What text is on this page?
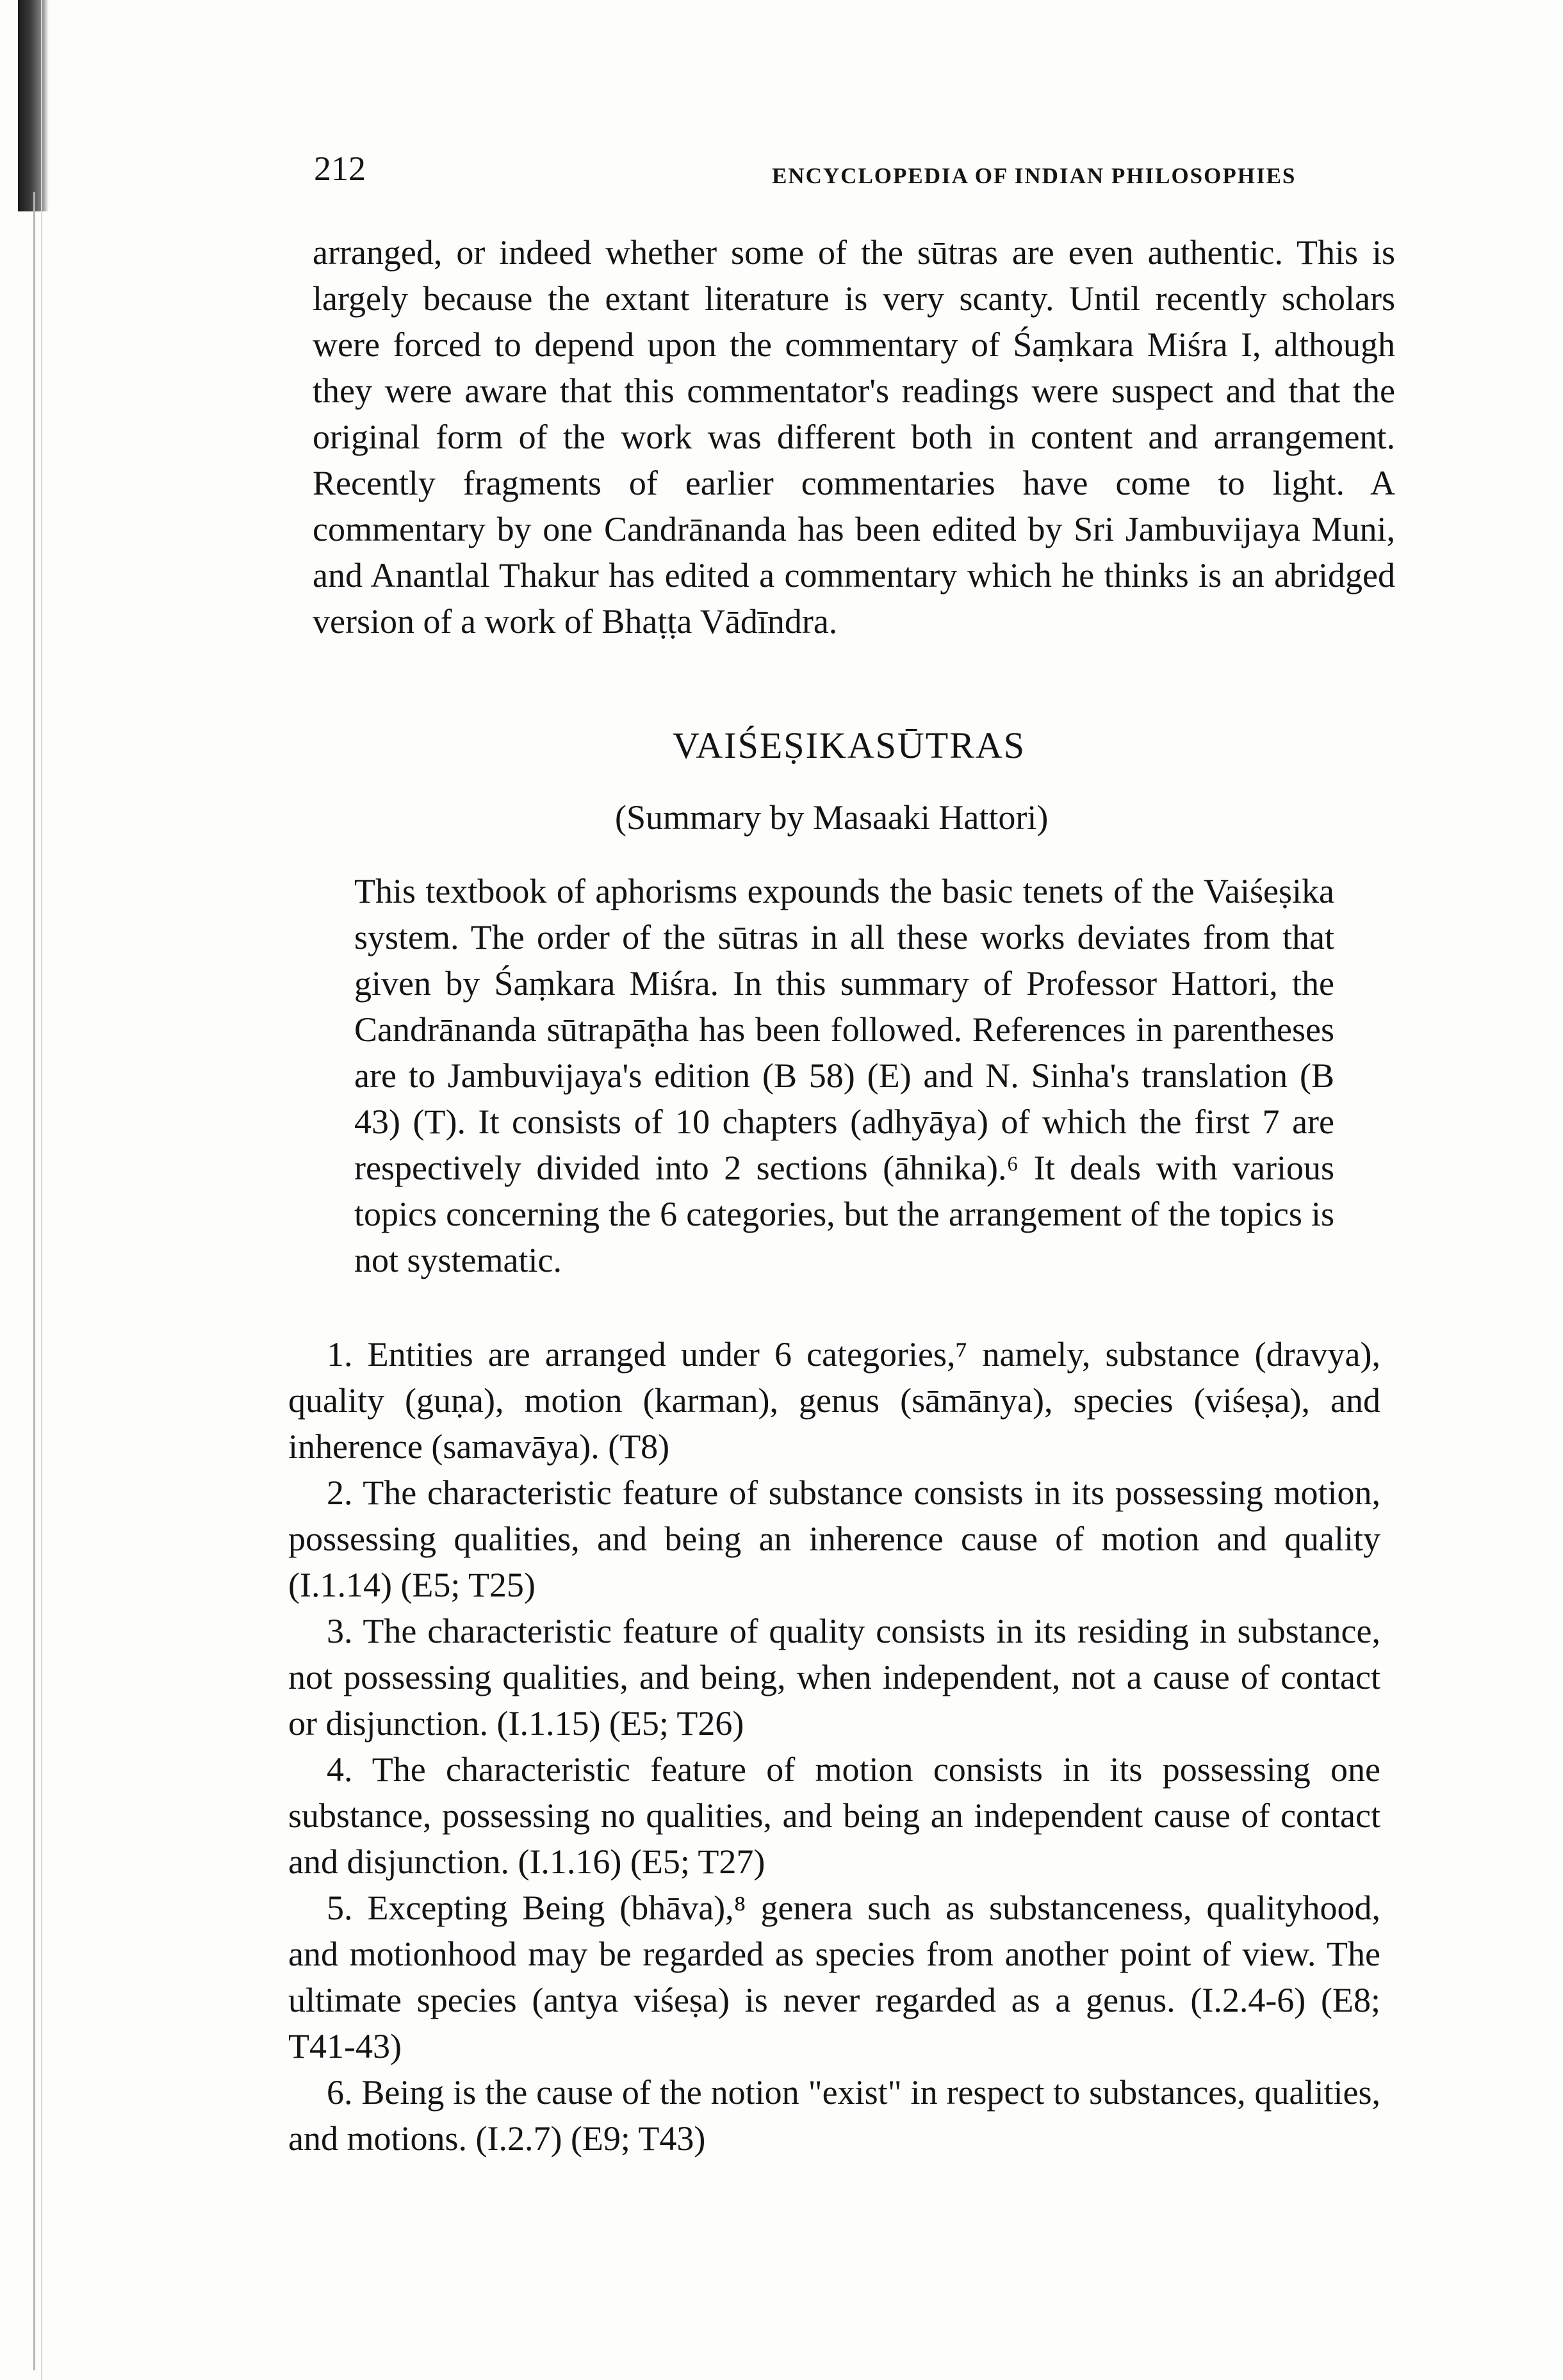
212	ENCYCLOPEDIA OF INDIAN PHILOSOPHIES

arranged, or indeed whether some of the sūtras are even authentic. This is largely because the extant literature is very scanty. Until recently scholars were forced to depend upon the commentary of Śaṃkara Miśra I, although they were aware that this commentator's readings were suspect and that the original form of the work was different both in content and arrangement. Recently fragments of earlier commentaries have come to light. A commentary by one Candrānanda has been edited by Sri Jambuvijaya Muni, and Anantlal Thakur has edited a commentary which he thinks is an abridged version of a work of Bhaṭṭa Vādīndra.

VAIŚEṢIKASŪTRAS
(Summary by Masaaki Hattori)

This textbook of aphorisms expounds the basic tenets of the Vaiśeṣika system. The order of the sūtras in all these works deviates from that given by Śaṃkara Miśra. In this summary of Professor Hattori, the Candrānanda sūtrapāṭha has been followed. References in parentheses are to Jambuvijaya's edition (B 58) (E) and N. Sinha's translation (B 43) (T). It consists of 10 chapters (adhyāya) of which the first 7 are respectively divided into 2 sections (āhnika).⁶ It deals with various topics concerning the 6 categories, but the arrangement of the topics is not systematic.

1. Entities are arranged under 6 categories,⁷ namely, substance (dravya), quality (guṇa), motion (karman), genus (sāmānya), species (viśeṣa), and inherence (samavāya). (T8)

2. The characteristic feature of substance consists in its possessing motion, possessing qualities, and being an inherence cause of motion and quality (I.1.14) (E5; T25)

3. The characteristic feature of quality consists in its residing in substance, not possessing qualities, and being, when independent, not a cause of contact or disjunction. (I.1.15) (E5; T26)

4. The characteristic feature of motion consists in its possessing one substance, possessing no qualities, and being an independent cause of contact and disjunction. (I.1.16) (E5; T27)

5. Excepting Being (bhāva),⁸ genera such as substanceness, qualityhood, and motionhood may be regarded as species from another point of view. The ultimate species (antya viśeṣa) is never regarded as a genus. (I.2.4-6) (E8; T41-43)

6. Being is the cause of the notion "exist" in respect to substances, qualities, and motions. (I.2.7) (E9; T43)
